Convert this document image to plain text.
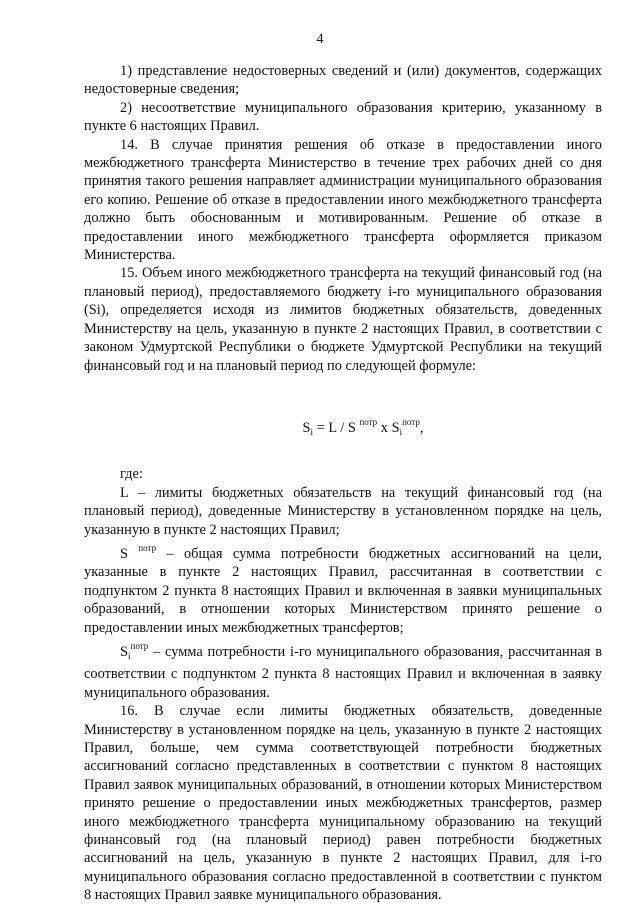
4

1) представление недостоверных сведений и (или) документов, содержащих недостоверные сведения;

2) несоответствие муниципального образования критерию, указанному в пункте 6 настоящих Правил.

14. В случае принятия решения об отказе в предоставлении иного межбюджетного трансферта Министерство в течение трех рабочих дней со дня принятия такого решения направляет администрации муниципального образования его копию. Решение об отказе в предоставлении иного межбюджетного трансферта должно быть обоснованным и мотивированным. Решение об отказе в предоставлении иного межбюджетного трансферта оформляется приказом Министерства.

15. Объем иного межбюджетного трансферта на текущий финансовый год (на плановый период), предоставляемого бюджету i-го муниципального образования (Si), определяется исходя из лимитов бюджетных обязательств, доведенных Министерству на цель, указанную в пункте 2 настоящих Правил, в соответствии с законом Удмуртской Республики о бюджете Удмуртской Республики на текущий финансовый год и на плановый период по следующей формуле:

$S_i = L / S$ $^{потр}$ x $S_i^{потр}$,

где:

L – лимиты бюджетных обязательств на текущий финансовый год (на плановый период), доведенные Министерству в установленном порядке на цель, указанную в пункте 2 настоящих Правил;

S $^{потр}$ – общая сумма потребности бюджетных ассигнований на цели, указанные в пункте 2 настоящих Правил, рассчитанная в соответствии с подпунктом 2 пункта 8 настоящих Правил и включенная в заявки муниципальных образований, в отношении которых Министерством принято решение о предоставлении иных межбюджетных трансфертов;

$S_i^{потр}$ – сумма потребности i-го муниципального образования, рассчитанная в соответствии с подпунктом 2 пункта 8 настоящих Правил и включенная в заявку муниципального образования.

16. В случае если лимиты бюджетных обязательств, доведенные Министерству в установленном порядке на цель, указанную в пункте 2 настоящих Правил, больше, чем сумма соответствующей потребности бюджетных ассигнований согласно представленных в соответствии с пунктом 8 настоящих Правил заявок муниципальных образований, в отношении которых Министерством принято решение о предоставлении иных межбюджетных трансфертов, размер иного межбюджетного трансферта муниципальному образованию на текущий финансовый год (на плановый период) равен потребности бюджетных ассигнований на цель, указанную в пункте 2 настоящих Правил, для i-го муниципального образования согласно предоставленной в соответствии с пунктом 8 настоящих Правил заявке муниципального образования.
